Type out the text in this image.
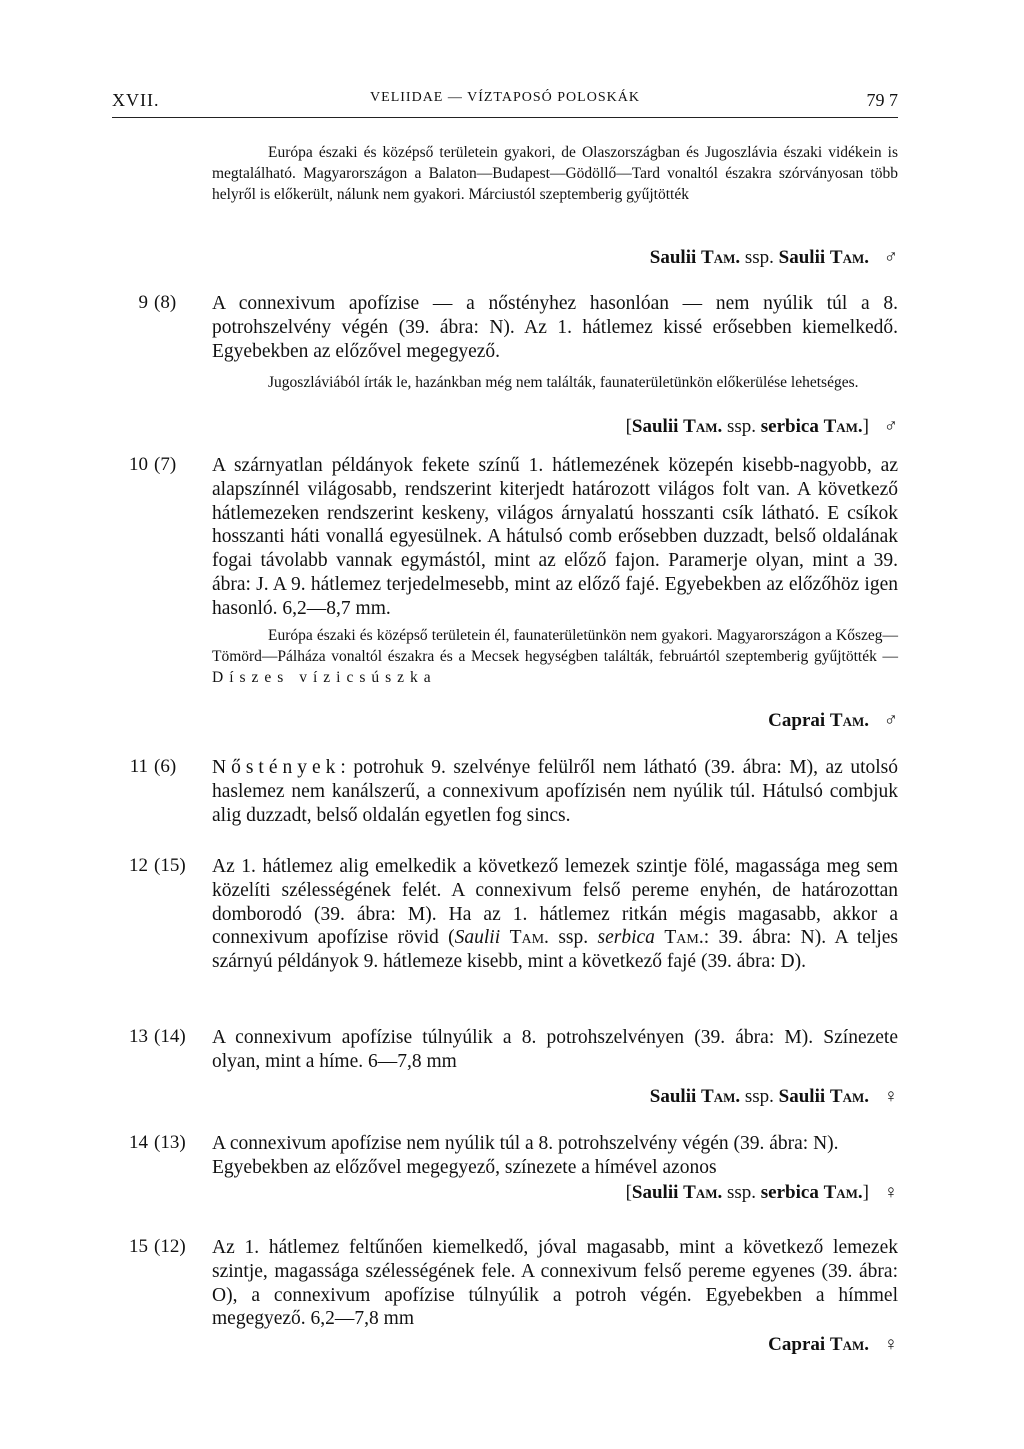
XVII.	VELIIDAE — VÍZTAPOSÓ POLOSKÁK	79 7

Európa északi és középső területein gyakori, de Olaszországban és Jugoszlávia északi vidékein is megtalálható. Magyarországon a Balaton—Budapest—Gödöllő—Tard vonaltól északra szórványosan több helyről is előkerült, nálunk nem gyakori. Márciustól szeptemberig gyűjtötték

Saulii Tam. ssp. Saulii Tam. ♂
9 (8) A connexivum apofízise — a nőstényhez hasonlóan — nem nyúlik túl a 8. potrohszelvény végén (39. ábra: N). Az 1. hátlemez kissé erősebben kiemelkedő. Egyebekben az előzővel megegyező.

Jugoszláviából írták le, hazánkban még nem találták, faunaterületünkön előkerülése lehetséges.

[Saulii Tam. ssp. serbica Tam.] ♂
10 (7) A szárnyatlan példányok fekete színű 1. hátlemezének közepén kisebb-nagyobb, az alapszínnél világosabb, rendszerint kiterjedt határozott világos folt van. A következő hátlemezeken rendszerint keskeny, világos árnyalatú hosszanti csík látható. E csíkok hosszanti háti vonallá egyesülnek. A hátulsó comb erősebben duzzadt, belső oldalának fogai távolabb vannak egymástól, mint az előző fajon. Paramerje olyan, mint a 39. ábra: J. A 9. hátlemez terjedelmesebb, mint az előző fajé. Egyebekben az előzőhöz igen hasonló. 6,2—8,7 mm.

Európa északi és középső területein él, faunaterületünkön nem gyakori. Magyarországon a Kőszeg—Tömörd—Pálháza vonaltól északra és a Mecsek hegységben találták, februártól szeptemberig gyűjtötték — Díszes vízicsúszka

Caprai Tam. ♂
11 (6) Nőstények: potrohuk 9. szelvénye felülről nem látható (39. ábra: M), az utolsó haslemez nem kanálszerű, a connexivum apofízisén nem nyúlik túl. Hátulsó combjuk alig duzzadt, belső oldalán egyetlen fog sincs.
12 (15) Az 1. hátlemez alig emelkedik a következő lemezek szintje fölé, magassága meg sem közelíti szélességének felét. A connexivum felső pereme enyhén, de határozottan domborodó (39. ábra: M). Ha az 1. hátlemez ritkán mégis magasabb, akkor a connexivum apofízise rövid (Saulii Tam. ssp. serbica Tam.: 39. ábra: N). A teljes szárnyú példányok 9. hátlemeze kisebb, mint a következő fajé (39. ábra: D).
13 (14) A connexivum apofízise túlnyúlik a 8. potrohszelvényen (39. ábra: M). Színezete olyan, mint a híme. 6—7,8 mm
Saulii Tam. ssp. Saulii Tam. ♀
14 (13) A connexivum apofízise nem nyúlik túl a 8. potrohszelvény végén (39. ábra: N). Egyebekben az előzővel megegyező, színezete a hímével azonos
[Saulii Tam. ssp. serbica Tam.] ♀
15 (12) Az 1. hátlemez feltűnően kiemelkedő, jóval magasabb, mint a következő lemezek szintje, magassága szélességének fele. A connexivum felső pereme egyenes (39. ábra: O), a connexivum apofízise túlnyúlik a potroh végén. Egyebekben a hímmel megegyező. 6,2—7,8 mm
Caprai Tam. ♀
